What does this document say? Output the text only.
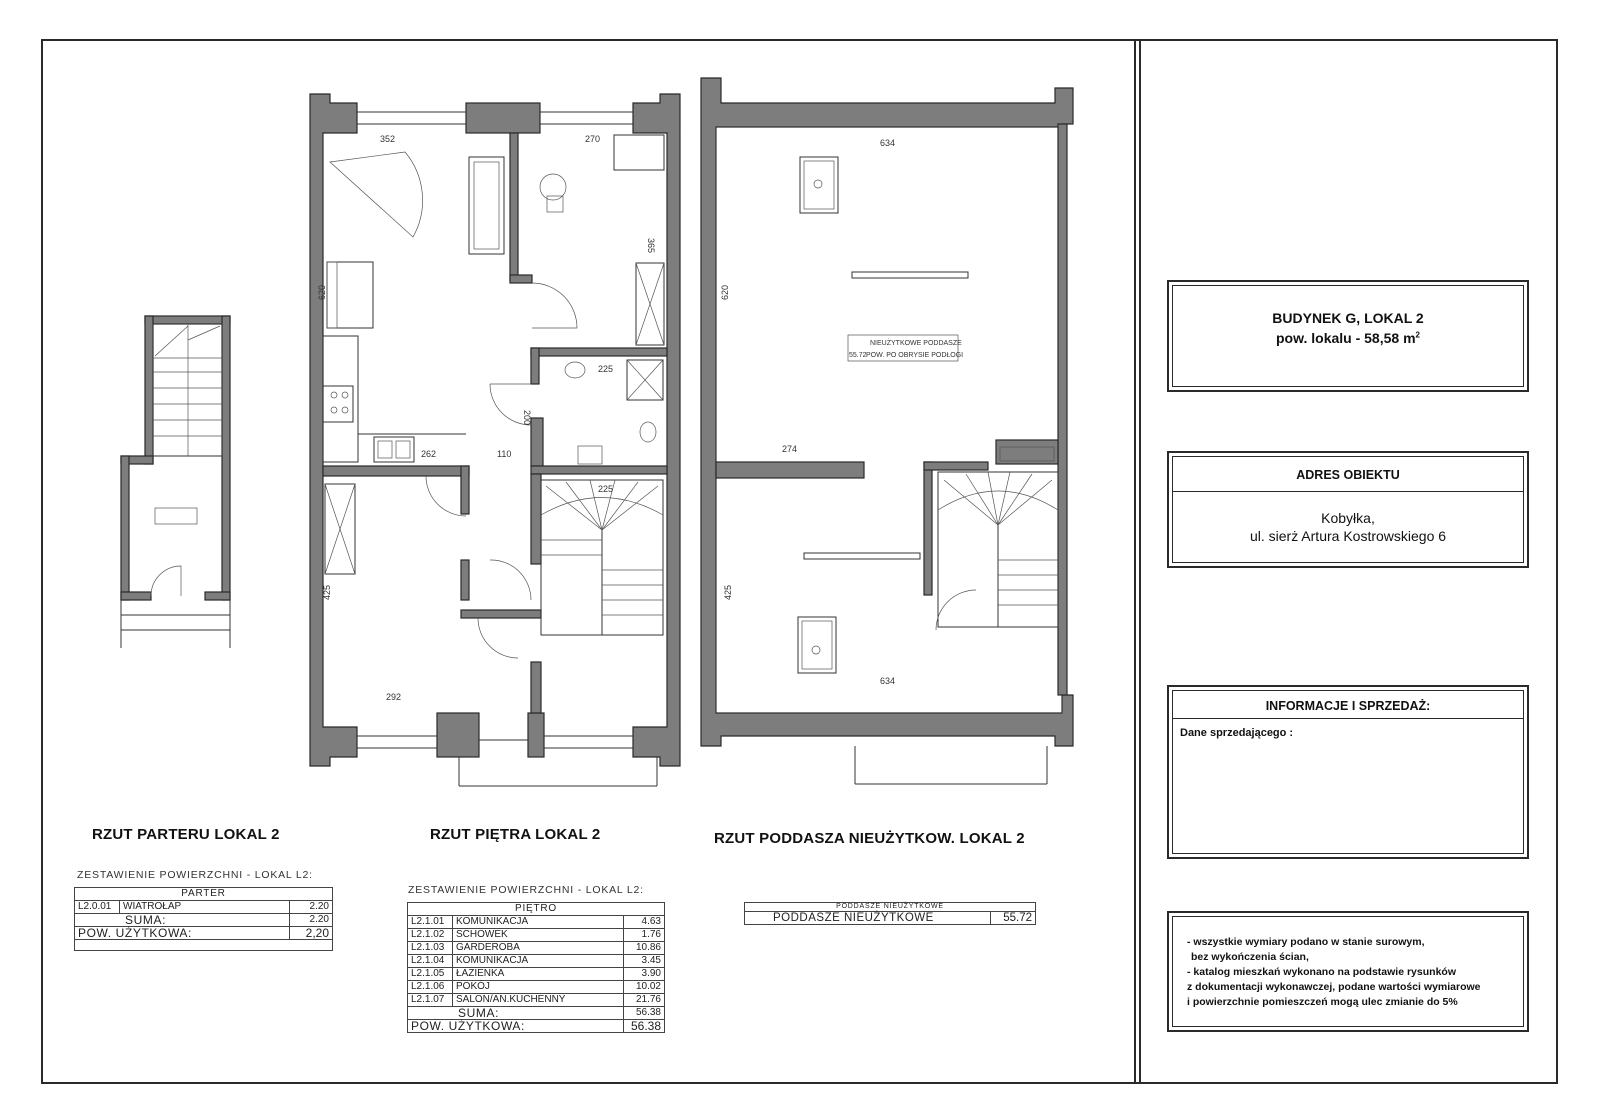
352	270
620
425
292
225
262	110
225
365
200
NIEUŻYTKOWE PODDASZE
POW. PO OBRYSIE PODŁOGI
55.72
634
634
620
425
274
RZUT PARTERU LOKAL 2	RZUT PIĘTRA LOKAL 2	RZUT PODDASZA NIEUŻYTKOW. LOKAL 2
ZESTAWIENIE POWIERZCHNI - LOKAL L2:
PARTER		
L2.0.01	WIATROŁAP	2.20
SUMA:		2.20
POW. UŻYTKOWA:		2,20

ZESTAWIENIE POWIERZCHNI - LOKAL L2:
PIĘTRO		
L2.1.01	KOMUNIKACJA	4.63
L2.1.02	SCHOWEK	1.76
L2.1.03	GARDEROBA	10.86
L2.1.04	KOMUNIKACJA	3.45
L2.1.05	ŁAZIENKA	3.90
L2.1.06	POKÓJ	10.02
L2.1.07	SALON/AN.KUCHENNY	21.76
SUMA:		56.38
POW. UŻYTKOWA:		56.38
PODDASZE NIEUŻYTKOWE
PODDASZE NIEUŻYTKOWE	55.72
BUDYNEK G, LOKAL 2
pow. lokalu - 58,58 $m^2$
ADRES OBIEKTU
Kobyłka,
ul. sierż Artura Kostrowskiego 6
INFORMACJE I SPRZEDAŻ:
Dane sprzedającego :
- wszystkie wymiary podano w stanie surowym,
bez wykończenia ścian,
- katalog mieszkań wykonano na podstawie rysunków
z dokumentacji wykonawczej, podane wartości wymiarowe
i powierzchnie pomieszczeń mogą ulec zmianie do 5%
